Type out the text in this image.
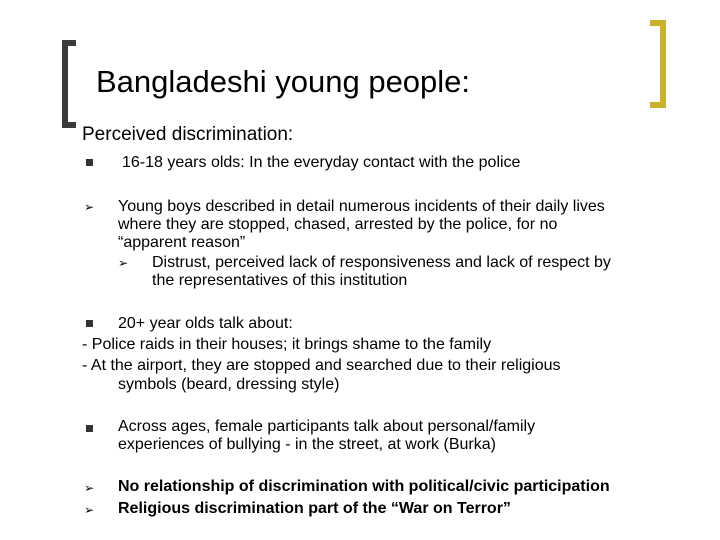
Bangladeshi young people:
Perceived discrimination:
16-18 years olds: In the everyday contact with the police
➢ Young boys described in detail numerous incidents of their daily lives
where they are stopped, chased, arrested by the police, for no
“apparent reason”
➢ Distrust, perceived lack of responsiveness and lack of respect by
the representatives of this institution
20+ year olds talk about:
- Police raids in their houses; it brings shame to the family
- At the airport, they are stopped and searched due to their religious
symbols (beard, dressing style)
Across ages, female participants talk about personal/family
experiences of bullying - in the street, at work (Burka)
➢ No relationship of discrimination with political/civic participation
➢ Religious discrimination part of the “War on Terror”
